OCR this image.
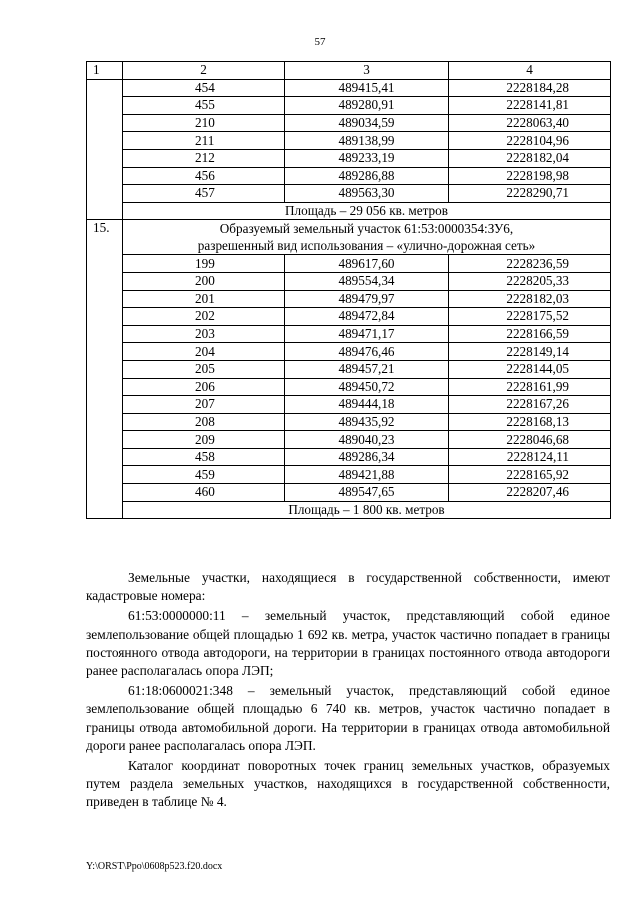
57
1	2	3	4
	454	489415,41	2228184,28
	455	489280,91	2228141,81
	210	489034,59	2228063,40
	211	489138,99	2228104,96
	212	489233,19	2228182,04
	456	489286,88	2228198,98
	457	489563,30	2228290,71
	Площадь – 29 056 кв. метров		
15.	Образуемый земельный участок 61:53:0000354:ЗУ6,
разрешенный вид использования – «улично-дорожная сеть»		

	199	489617,60	2228236,59
	200	489554,34	2228205,33
	201	489479,97	2228182,03
	202	489472,84	2228175,52
	203	489471,17	2228166,59
	204	489476,46	2228149,14
	205	489457,21	2228144,05
	206	489450,72	2228161,99
	207	489444,18	2228167,26
	208	489435,92	2228168,13
	209	489040,23	2228046,68
	458	489286,34	2228124,11
	459	489421,88	2228165,92
	460	489547,65	2228207,46
	Площадь – 1 800 кв. метров		

Земельные участки, находящиеся в государственной собственности, имеют кадастровые номера:

61:53:0000000:11 – земельный участок, представляющий собой единое землепользование общей площадью 1 692 кв. метра, участок частично попадает в границы постоянного отвода автодороги, на территории в границах постоянного отвода автодороги ранее располагалась опора ЛЭП;

61:18:0600021:348 – земельный участок, представляющий собой единое землепользование общей площадью 6 740 кв. метров, участок частично попадает в границы отвода автомобильной дороги. На территории в границах отвода автомобильной дороги ранее располагалась опора ЛЭП.

Каталог координат поворотных точек границ земельных участков, образуемых путем раздела земельных участков, находящихся в государственной собственности, приведен в таблице № 4.

Y:\ORST\Ppo\0608p523.f20.docx
